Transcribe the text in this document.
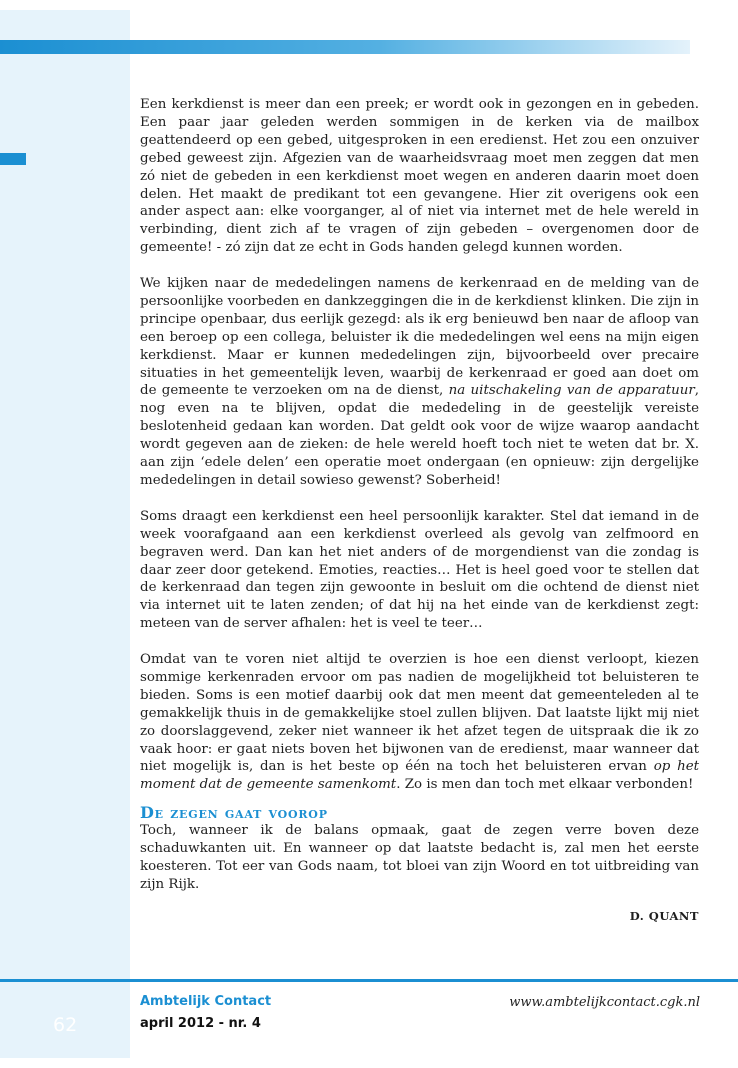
Een kerkdienst is meer dan een preek; er wordt ook in gezongen en in gebeden. Een paar jaar geleden werden sommigen in de kerken via de mailbox geattendeerd op een gebed, uitgesproken in een eredienst. Het zou een onzuiver gebed geweest zijn. Afgezien van de waarheidsvraag moet men zeggen dat men zó niet de gebeden in een kerkdienst moet wegen en anderen daarin moet doen delen. Het maakt de predikant tot een gevangene. Hier zit overigens ook een ander aspect aan: elke voorganger, al of niet via internet met de hele wereld in verbinding, dient zich af te vragen of zijn gebeden – overgenomen door de gemeente! - zó zijn dat ze echt in Gods handen gelegd kunnen worden.

We kijken naar de mededelingen namens de kerkenraad en de melding van de persoonlijke voorbeden en dankzeggingen die in de kerkdienst klinken. Die zijn in principe openbaar, dus eerlijk gezegd: als ik erg benieuwd ben naar de afloop van een beroep op een collega, beluister ik die mededelingen wel eens na mijn eigen kerkdienst. Maar er kunnen mededelingen zijn, bijvoorbeeld over precaire situaties in het gemeentelijk leven, waarbij de kerkenraad er goed aan doet om de gemeente te verzoeken om na de dienst, na uitschakeling van de apparatuur, nog even na te blijven, opdat die mededeling in de geestelijk vereiste beslotenheid gedaan kan worden. Dat geldt ook voor de wijze waarop aandacht wordt gegeven aan de zieken: de hele wereld hoeft toch niet te weten dat br. X. aan zijn ‘edele delen’ een operatie moet ondergaan (en opnieuw: zijn dergelijke mededelingen in detail sowieso gewenst? Soberheid!

Soms draagt een kerkdienst een heel persoonlijk karakter. Stel dat iemand in de week voorafgaand aan een kerkdienst overleed als gevolg van zelfmoord en begraven werd. Dan kan het niet anders of de morgendienst van die zondag is daar zeer door getekend. Emoties, reacties… Het is heel goed voor te stellen dat de kerkenraad dan tegen zijn gewoonte in besluit om die ochtend de dienst niet via internet uit te laten zenden; of dat hij na het einde van de kerkdienst zegt: meteen van de server afhalen: het is veel te teer…

Omdat van te voren niet altijd te overzien is hoe een dienst verloopt, kiezen sommige kerkenraden ervoor om pas nadien de mogelijkheid tot beluisteren te bieden. Soms is een motief daarbij ook dat men meent dat gemeenteleden al te gemakkelijk thuis in de gemakkelijke stoel zullen blijven. Dat laatste lijkt mij niet zo doorslaggevend, zeker niet wanneer ik het afzet tegen de uitspraak die ik zo vaak hoor: er gaat niets boven het bijwonen van de eredienst, maar wanneer dat niet mogelijk is, dan is het beste op één na toch het beluisteren ervan op het moment dat de gemeente samenkomt. Zo is men dan toch met elkaar verbonden!

De zegen gaat voorop

Toch, wanneer ik de balans opmaak, gaat de zegen verre boven deze schaduwkanten uit. En wanneer op dat laatste bedacht is, zal men het eerste koesteren. Tot eer van Gods naam, tot bloei van zijn Woord en tot uitbreiding van zijn Rijk.

D. QUANT
62
Ambtelijk Contact
april 2012 - nr. 4
www.ambtelijkcontact.cgk.nl
